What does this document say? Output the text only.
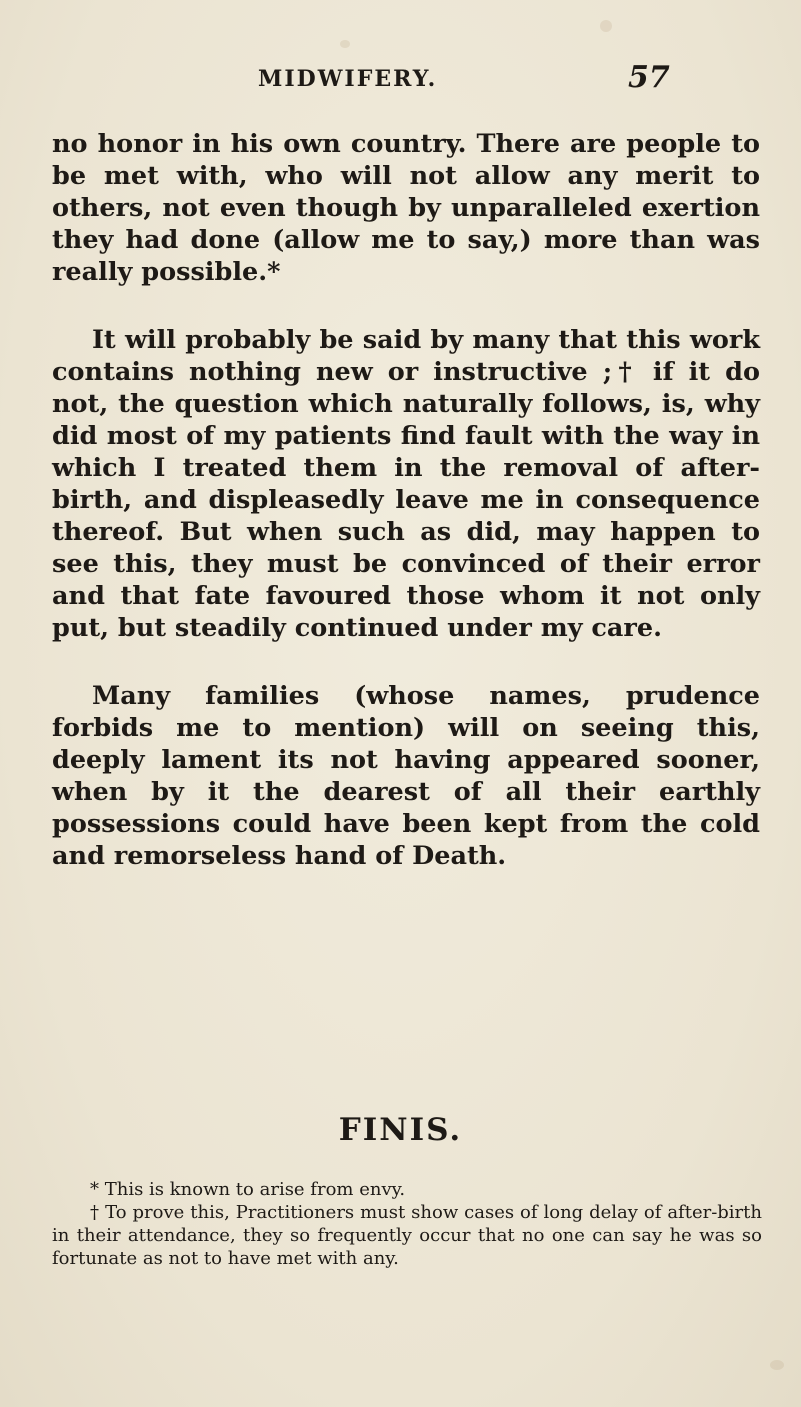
MIDWIFERY.	57

no honor in his own country. There are people to be met with, who will not allow any merit to others, not even though by unparalleled exertion they had done (allow me to say,) more than was really possible.*

It will probably be said by many that this work contains nothing new or instructive ;† if it do not, the question which naturally follows, is, why did most of my patients find fault with the way in which I treated them in the removal of after-birth, and displeasedly leave me in consequence thereof. But when such as did, may happen to see this, they must be convinced of their error and that fate favoured those whom it not only put, but steadily continued under my care.

Many families (whose names, prudence forbids me to mention) will on seeing this, deeply lament its not having appeared sooner, when by it the dearest of all their earthly possessions could have been kept from the cold and remorseless hand of Death.

FINIS.

* This is known to arise from envy.

† To prove this, Practitioners must show cases of long delay of after-birth in their attendance, they so frequently occur that no one can say he was so fortunate as not to have met with any.
